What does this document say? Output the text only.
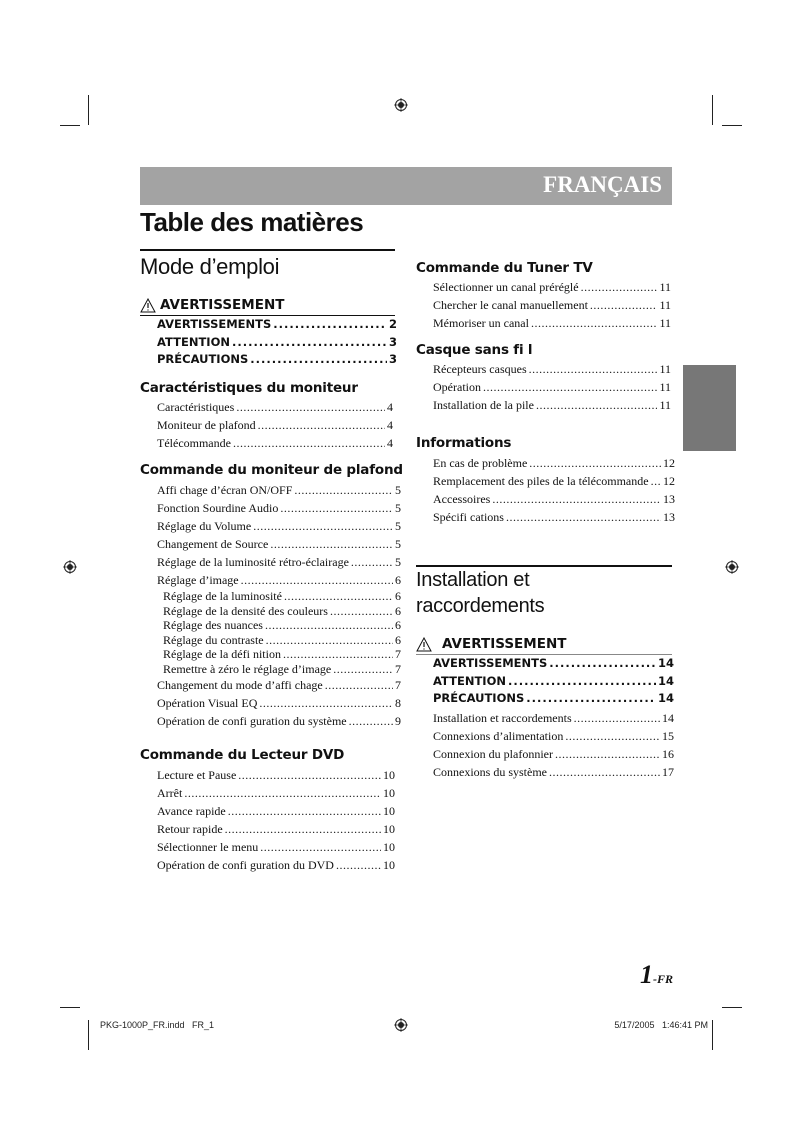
FRANÇAIS
Table des matières
Mode d’emploi
AVERTISSEMENT
AVERTISSEMENTS .....	2
ATTENTION .....	3
PRÉCAUTIONS .....	3
Caractéristiques du moniteur
Caractéristiques .....	4
Moniteur de plafond .....	4
Télécommande .....	4
Commande du moniteur de plafond
Affi chage d’écran ON/OFF .....	5
Fonction Sourdine Audio .....	5
Réglage du Volume .....	5
Changement de Source .....	5
Réglage de la luminosité rétro-éclairage .....	5
Réglage d’image .....	6
Réglage de la luminosité .....	6
Réglage de la densité des couleurs .....	6
Réglage des nuances .....	6
Réglage du contraste .....	6
Réglage de la défi nition .....	7
Remettre à zéro le réglage d’image .....	7
Changement du mode d’affi chage .....	7
Opération Visual EQ .....	8
Opération de confi guration du système .....	9
Commande du Lecteur DVD
Lecture et Pause .....	10
Arrêt .....	10
Avance rapide .....	10
Retour rapide .....	10
Sélectionner le menu .....	10
Opération de confi guration du DVD .....	10
Commande du Tuner TV
Sélectionner un canal préréglé .....	11
Chercher le canal manuellement .....	11
Mémoriser un canal .....	11
Casque sans fi l
Récepteurs casques .....	11
Opération .....	11
Installation de la pile .....	11
Informations
En cas de problème .....	12
Remplacement des piles de la télécommande ..... 12
Accessoires .....	13
Spécifi cations .....	13
Installation et
raccordements
AVERTISSEMENT
AVERTISSEMENTS .....	14
ATTENTION .....	14
PRÉCAUTIONS .....	14
Installation et raccordements .....	14
Connexions d’alimentation .....	15
Connexion du plafonnier .....	16
Connexions du système .....	17
1-FR
PKG-1000P_FR.indd   FR_1	5/17/2005   1:46:41 PM
